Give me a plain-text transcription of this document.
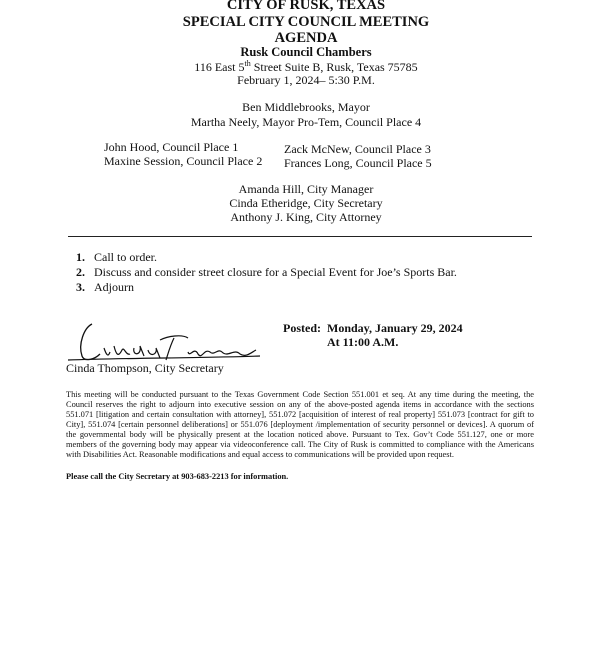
CITY OF RUSK, TEXAS
SPECIAL CITY COUNCIL MEETING
AGENDA
Rusk Council Chambers
116 East 5th Street Suite B, Rusk, Texas 75785
February 1, 2024– 5:30 P.M.
Ben Middlebrooks, Mayor
Martha Neely, Mayor Pro-Tem, Council Place 4
John Hood, Council Place 1
Maxine Session, Council Place 2
Zack McNew, Council Place 3
Frances Long, Council Place 5
Amanda Hill, City Manager
Cinda Etheridge, City Secretary
Anthony J. King, City Attorney
1. Call to order.
2. Discuss and consider street closure for a Special Event for Joe’s Sports Bar.
3. Adjourn
Cinda Thompson, City Secretary
Posted: Monday, January 29, 2024
At 11:00 A.M.
This meeting will be conducted pursuant to the Texas Government Code Section 551.001 et seq. At any time during the meeting, the Council reserves the right to adjourn into executive session on any of the above-posted agenda items in accordance with the sections 551.071 [litigation and certain consultation with attorney], 551.072 [acquisition of interest of real property] 551.073 [contract for gift to City], 551.074 [certain personnel deliberations] or 551.076 [deployment /implementation of security personnel or devices]. A quorum of the governmental body will be physically present at the location noticed above. Pursuant to Tex. Gov’t Code 551.127, one or more members of the governing body may appear via videoconference call. The City of Rusk is committed to compliance with the Americans with Disabilities Act. Reasonable modifications and equal access to communications will be provided upon request.
Please call the City Secretary at 903-683-2213 for information.
